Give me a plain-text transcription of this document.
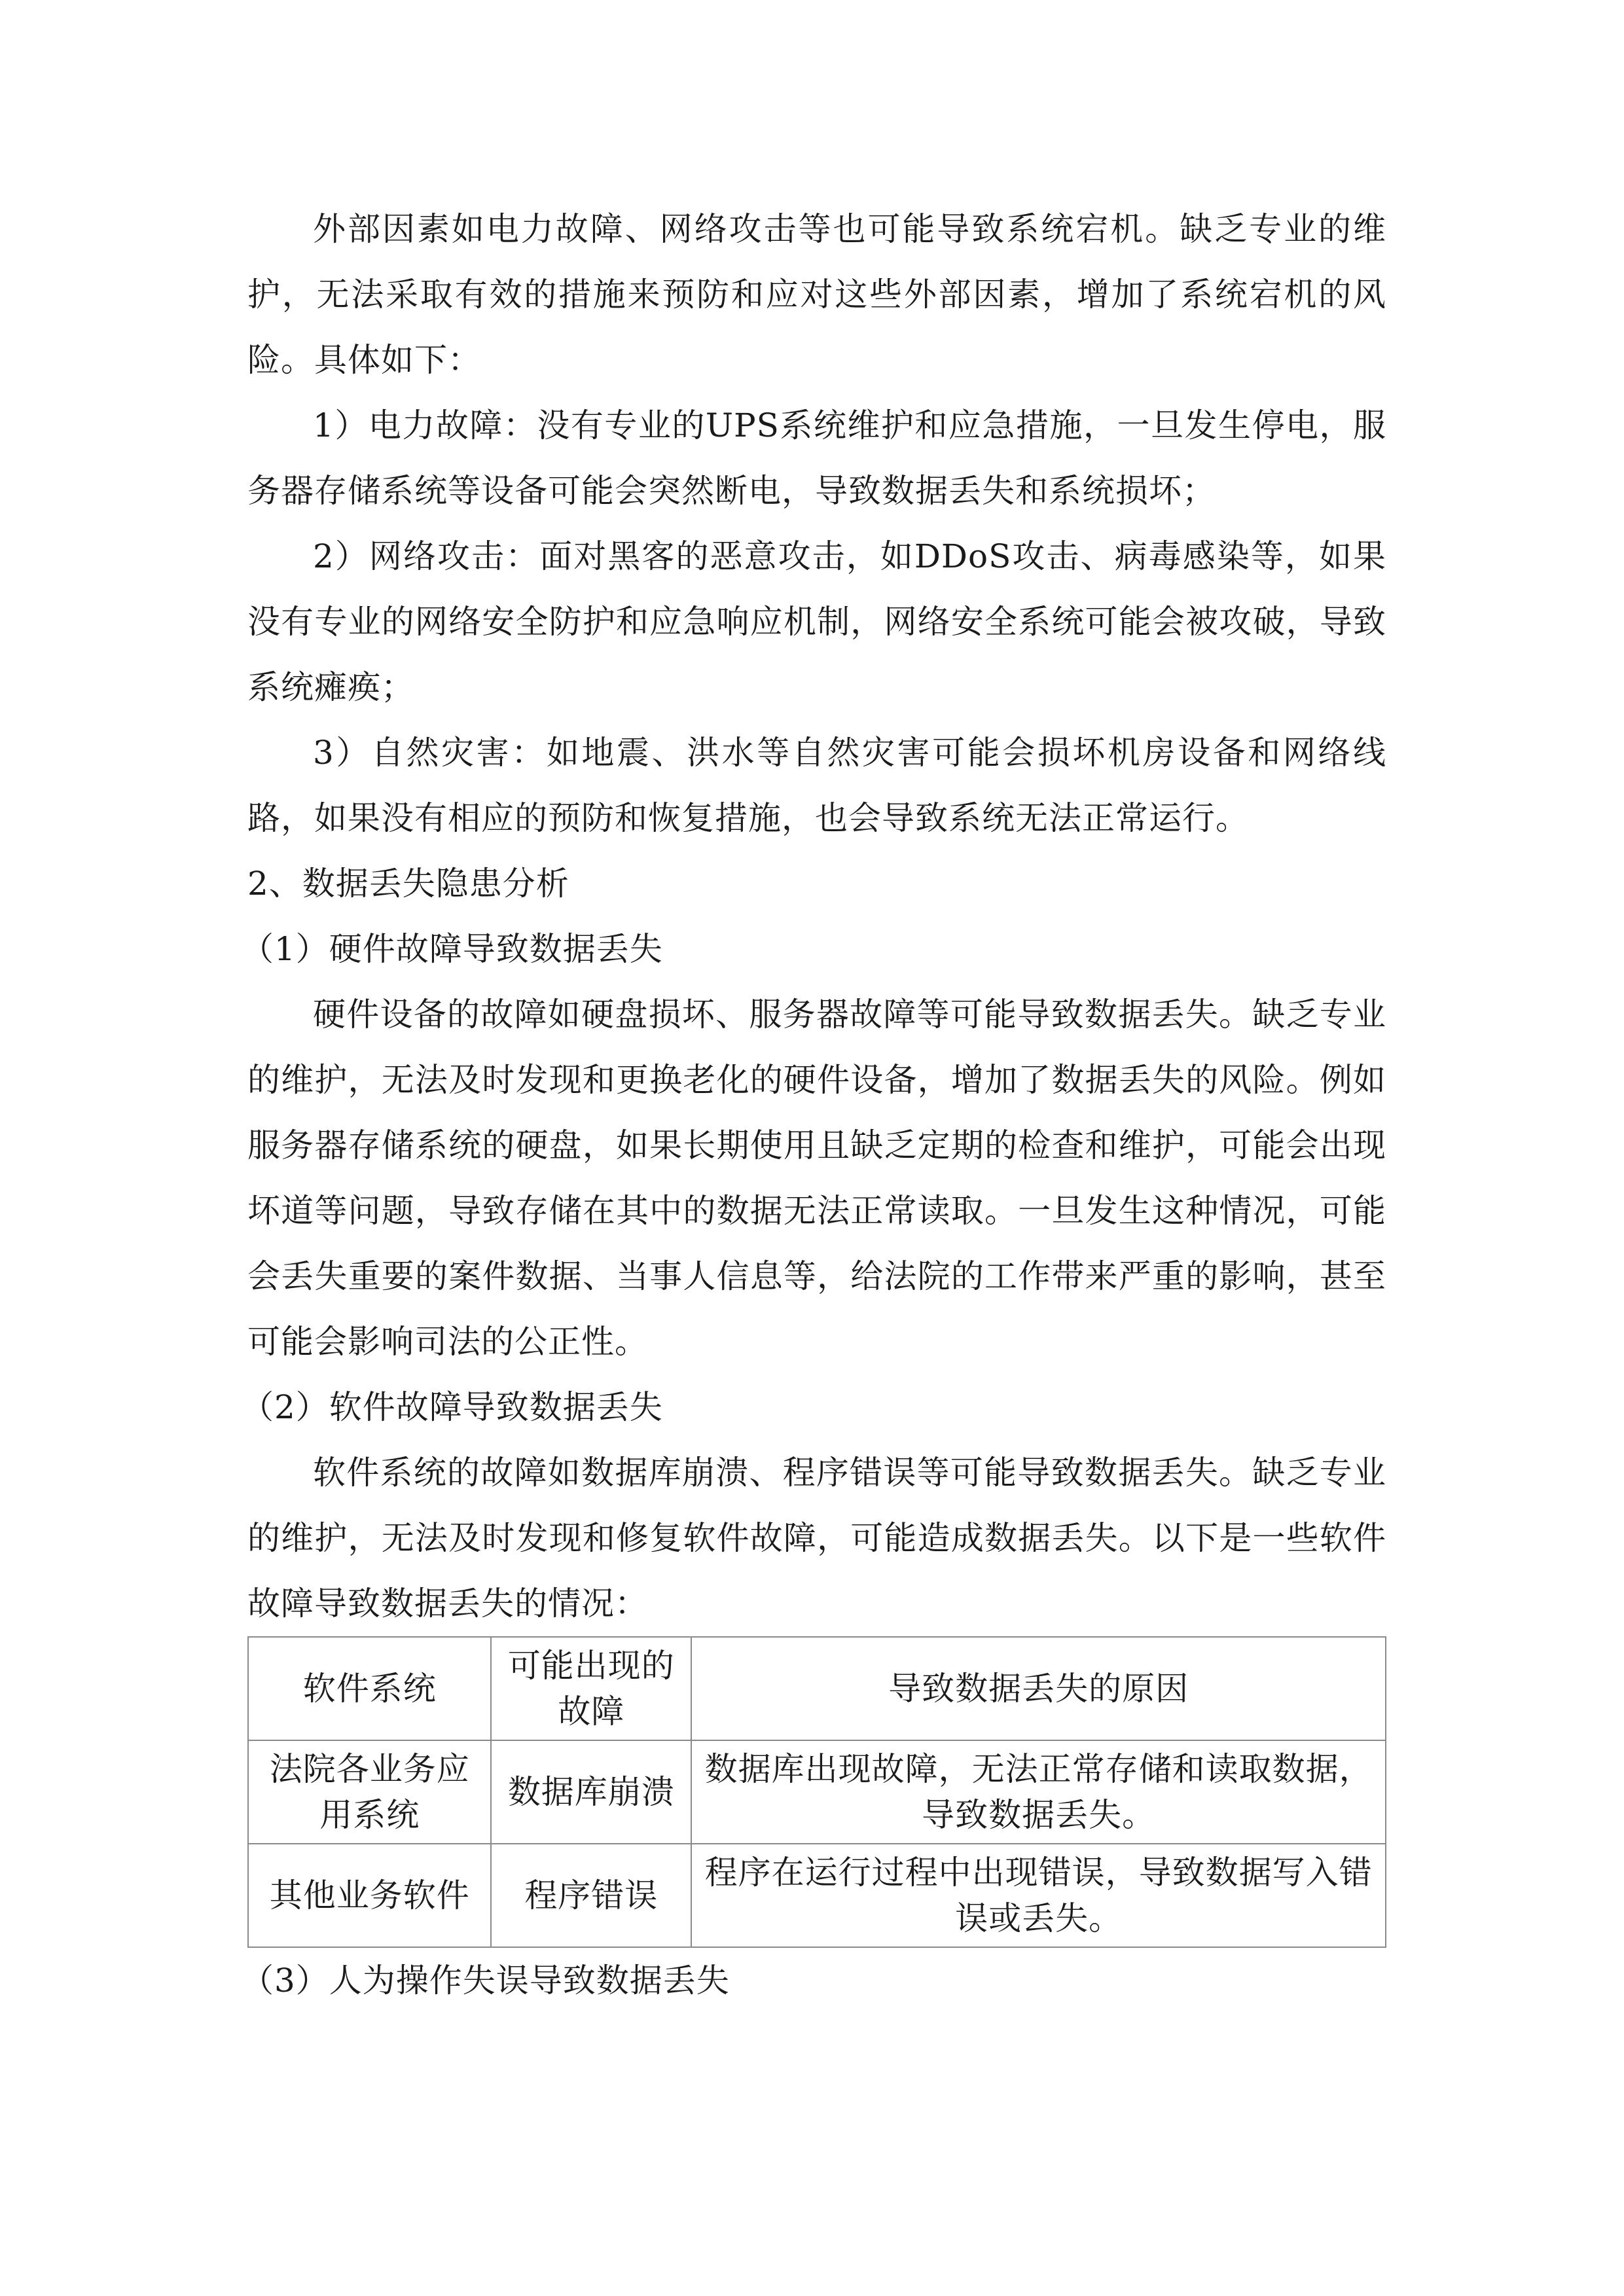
外部因素如电力故障、网络攻击等也可能导致系统宕机。缺乏专业的维护，无法采取有效的措施来预防和应对这些外部因素，增加了系统宕机的风险。具体如下：

1）电力故障：没有专业的UPS系统维护和应急措施，一旦发生停电，服务器存储系统等设备可能会突然断电，导致数据丢失和系统损坏；

2）网络攻击：面对黑客的恶意攻击，如DDoS攻击、病毒感染等，如果没有专业的网络安全防护和应急响应机制，网络安全系统可能会被攻破，导致系统瘫痪；

3）自然灾害：如地震、洪水等自然灾害可能会损坏机房设备和网络线路，如果没有相应的预防和恢复措施，也会导致系统无法正常运行。

2、数据丢失隐患分析

（1）硬件故障导致数据丢失

硬件设备的故障如硬盘损坏、服务器故障等可能导致数据丢失。缺乏专业的维护，无法及时发现和更换老化的硬件设备，增加了数据丢失的风险。例如服务器存储系统的硬盘，如果长期使用且缺乏定期的检查和维护，可能会出现坏道等问题，导致存储在其中的数据无法正常读取。一旦发生这种情况，可能会丢失重要的案件数据、当事人信息等，给法院的工作带来严重的影响，甚至可能会影响司法的公正性。

（2）软件故障导致数据丢失

软件系统的故障如数据库崩溃、程序错误等可能导致数据丢失。缺乏专业的维护，无法及时发现和修复软件故障，可能造成数据丢失。以下是一些软件故障导致数据丢失的情况：

软件系统	可能出现的故障	导致数据丢失的原因
法院各业务应用系统	数据库崩溃	数据库出现故障，无法正常存储和读取数据，导致数据丢失。
其他业务软件	程序错误	程序在运行过程中出现错误，导致数据写入错误或丢失。

（3）人为操作失误导致数据丢失
